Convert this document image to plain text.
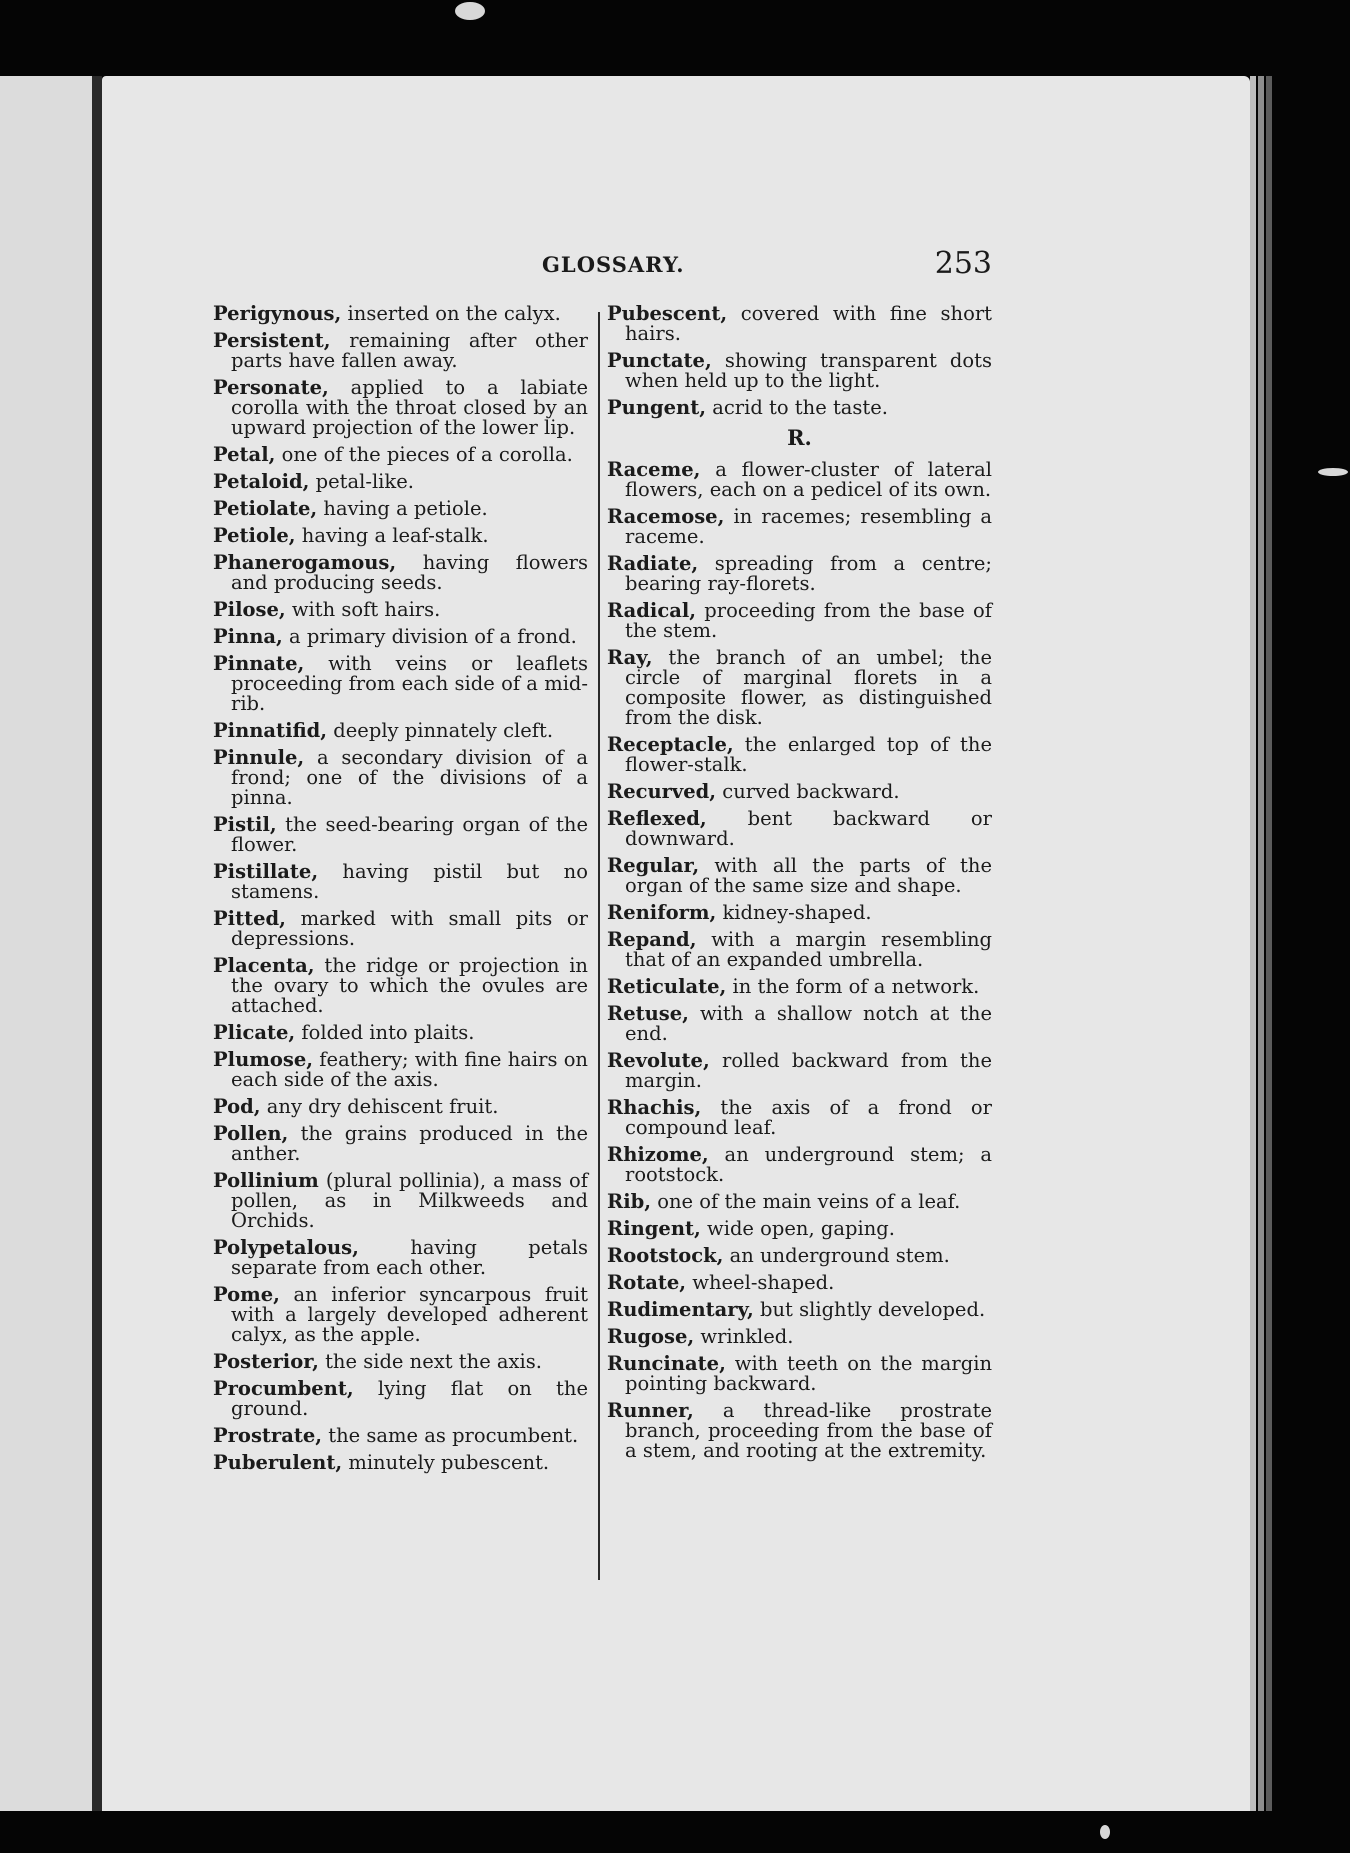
GLOSSARY.	253
Perigynous, inserted on the calyx.
Persistent, remaining after other parts have fallen away.
Personate, applied to a labiate corolla with the throat closed by an upward projection of the lower lip.
Petal, one of the pieces of a corolla.
Petaloid, petal-like.
Petiolate, having a petiole.
Petiole, having a leaf-stalk.
Phanerogamous, having flowers and producing seeds.
Pilose, with soft hairs.
Pinna, a primary division of a frond.
Pinnate, with veins or leaflets proceeding from each side of a mid-rib.
Pinnatifid, deeply pinnately cleft.
Pinnule, a secondary division of a frond; one of the divisions of a pinna.
Pistil, the seed-bearing organ of the flower.
Pistillate, having pistil but no stamens.
Pitted, marked with small pits or depressions.
Placenta, the ridge or projection in the ovary to which the ovules are attached.
Plicate, folded into plaits.
Plumose, feathery; with fine hairs on each side of the axis.
Pod, any dry dehiscent fruit.
Pollen, the grains produced in the anther.
Pollinium (plural pollinia), a mass of pollen, as in Milkweeds and Orchids.
Polypetalous, having petals separate from each other.
Pome, an inferior syncarpous fruit with a largely developed adherent calyx, as the apple.
Posterior, the side next the axis.
Procumbent, lying flat on the ground.
Prostrate, the same as procumbent.
Puberulent, minutely pubescent.
Pubescent, covered with fine short hairs.
Punctate, showing transparent dots when held up to the light.
Pungent, acrid to the taste.
R.
Raceme, a flower-cluster of lateral flowers, each on a pedicel of its own.
Racemose, in racemes; resembling a raceme.
Radiate, spreading from a centre; bearing ray-florets.
Radical, proceeding from the base of the stem.
Ray, the branch of an umbel; the circle of marginal florets in a composite flower, as distinguished from the disk.
Receptacle, the enlarged top of the flower-stalk.
Recurved, curved backward.
Reflexed, bent backward or downward.
Regular, with all the parts of the organ of the same size and shape.
Reniform, kidney-shaped.
Repand, with a margin resembling that of an expanded umbrella.
Reticulate, in the form of a network.
Retuse, with a shallow notch at the end.
Revolute, rolled backward from the margin.
Rhachis, the axis of a frond or compound leaf.
Rhizome, an underground stem; a rootstock.
Rib, one of the main veins of a leaf.
Ringent, wide open, gaping.
Rootstock, an underground stem.
Rotate, wheel-shaped.
Rudimentary, but slightly developed.
Rugose, wrinkled.
Runcinate, with teeth on the margin pointing backward.
Runner, a thread-like prostrate branch, proceeding from the base of a stem, and rooting at the extremity.
